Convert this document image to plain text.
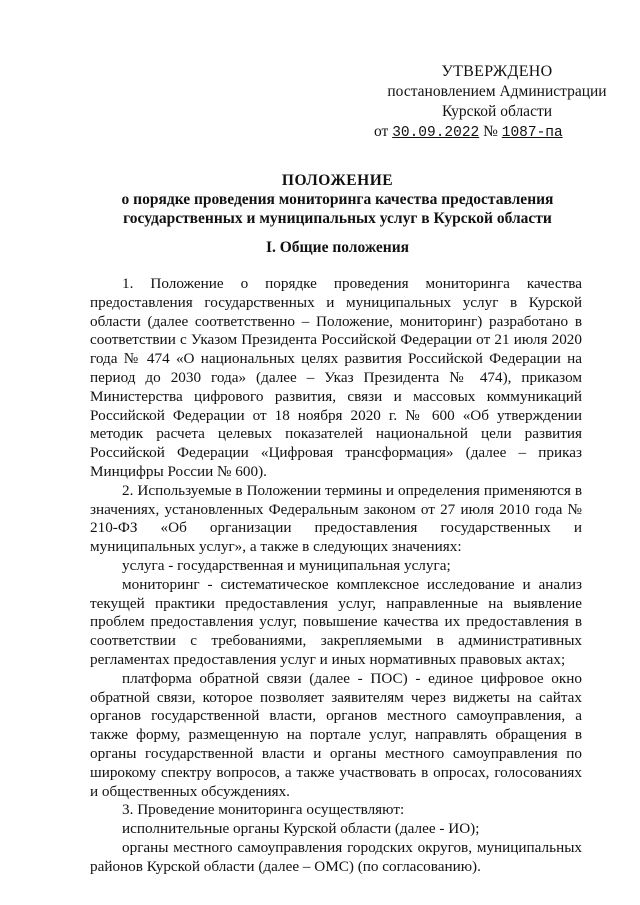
УТВЕРЖДЕНО
постановлением Администрации
Курской области
от 30.09.2022 № 1087-па
ПОЛОЖЕНИЕ
о порядке проведения мониторинга качества предоставления
государственных и муниципальных услуг в Курской области
I. Общие положения

1. Положение о порядке проведения мониторинга качества предоставления государственных и муниципальных услуг в Курской области (далее соответственно – Положение, мониторинг) разработано в соответствии с Указом Президента Российской Федерации от 21 июля 2020 года № 474 «О национальных целях развития Российской Федерации на период до 2030 года» (далее – Указ Президента № 474), приказом Министерства цифрового развития, связи и массовых коммуникаций Российской Федерации от 18 ноября 2020 г. № 600 «Об утверждении методик расчета целевых показателей национальной цели развития Российской Федерации «Цифровая трансформация» (далее – приказ Минцифры России № 600).

2. Используемые в Положении термины и определения применяются в значениях, установленных Федеральным законом от 27 июля 2010 года № 210-ФЗ «Об организации предоставления государственных и муниципальных услуг», а также в следующих значениях:

услуга - государственная и муниципальная услуга;

мониторинг - систематическое комплексное исследование и анализ текущей практики предоставления услуг, направленные на выявление проблем предоставления услуг, повышение качества их предоставления в соответствии с требованиями, закрепляемыми в административных регламентах предоставления услуг и иных нормативных правовых актах;

платформа обратной связи (далее - ПОС) - единое цифровое окно обратной связи, которое позволяет заявителям через виджеты на сайтах органов государственной власти, органов местного самоуправления, а также форму, размещенную на портале услуг, направлять обращения в органы государственной власти и органы местного самоуправления по широкому спектру вопросов, а также участвовать в опросах, голосованиях и общественных обсуждениях.

3. Проведение мониторинга осуществляют:

исполнительные органы Курской области (далее - ИО);

органы местного самоуправления городских округов, муниципальных районов Курской области (далее – ОМС) (по согласованию).
